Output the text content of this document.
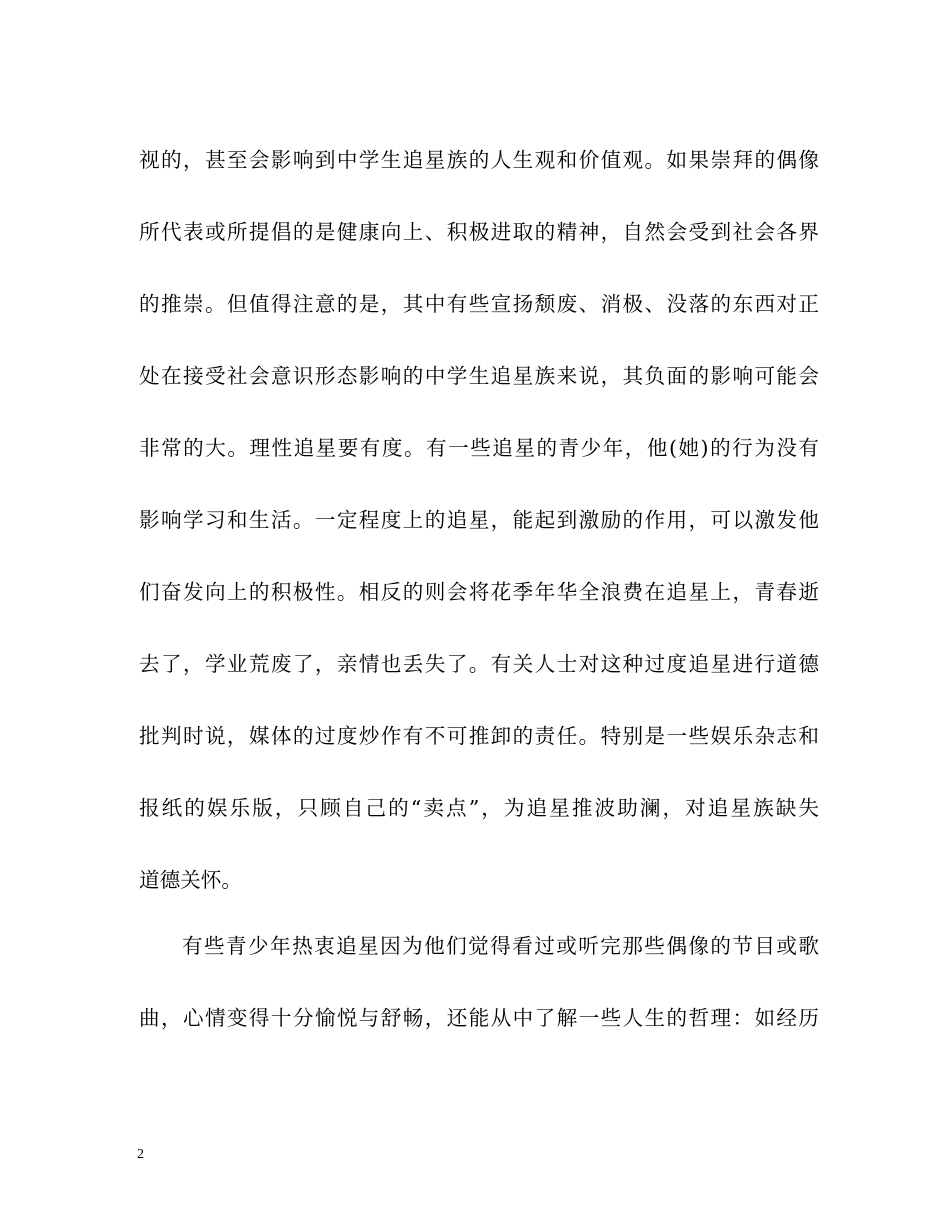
视的，甚至会影响到中学生追星族的人生观和价值观。如果崇拜的偶像
所代表或所提倡的是健康向上、积极进取的精神，自然会受到社会各界
的推崇。但值得注意的是，其中有些宣扬颓废、消极、没落的东西对正
处在接受社会意识形态影响的中学生追星族来说，其负面的影响可能会
非常的大。理性追星要有度。有一些追星的青少年，他(她)的行为没有
影响学习和生活。一定程度上的追星，能起到激励的作用，可以激发他
们奋发向上的积极性。相反的则会将花季年华全浪费在追星上，青春逝
去了，学业荒废了，亲情也丢失了。有关人士对这种过度追星进行道德
批判时说，媒体的过度炒作有不可推卸的责任。特别是一些娱乐杂志和
报纸的娱乐版，只顾自己的“卖点”，为追星推波助澜，对追星族缺失
道德关怀。
有些青少年热衷追星因为他们觉得看过或听完那些偶像的节目或歌
曲，心情变得十分愉悦与舒畅，还能从中了解一些人生的哲理：如经历
2
